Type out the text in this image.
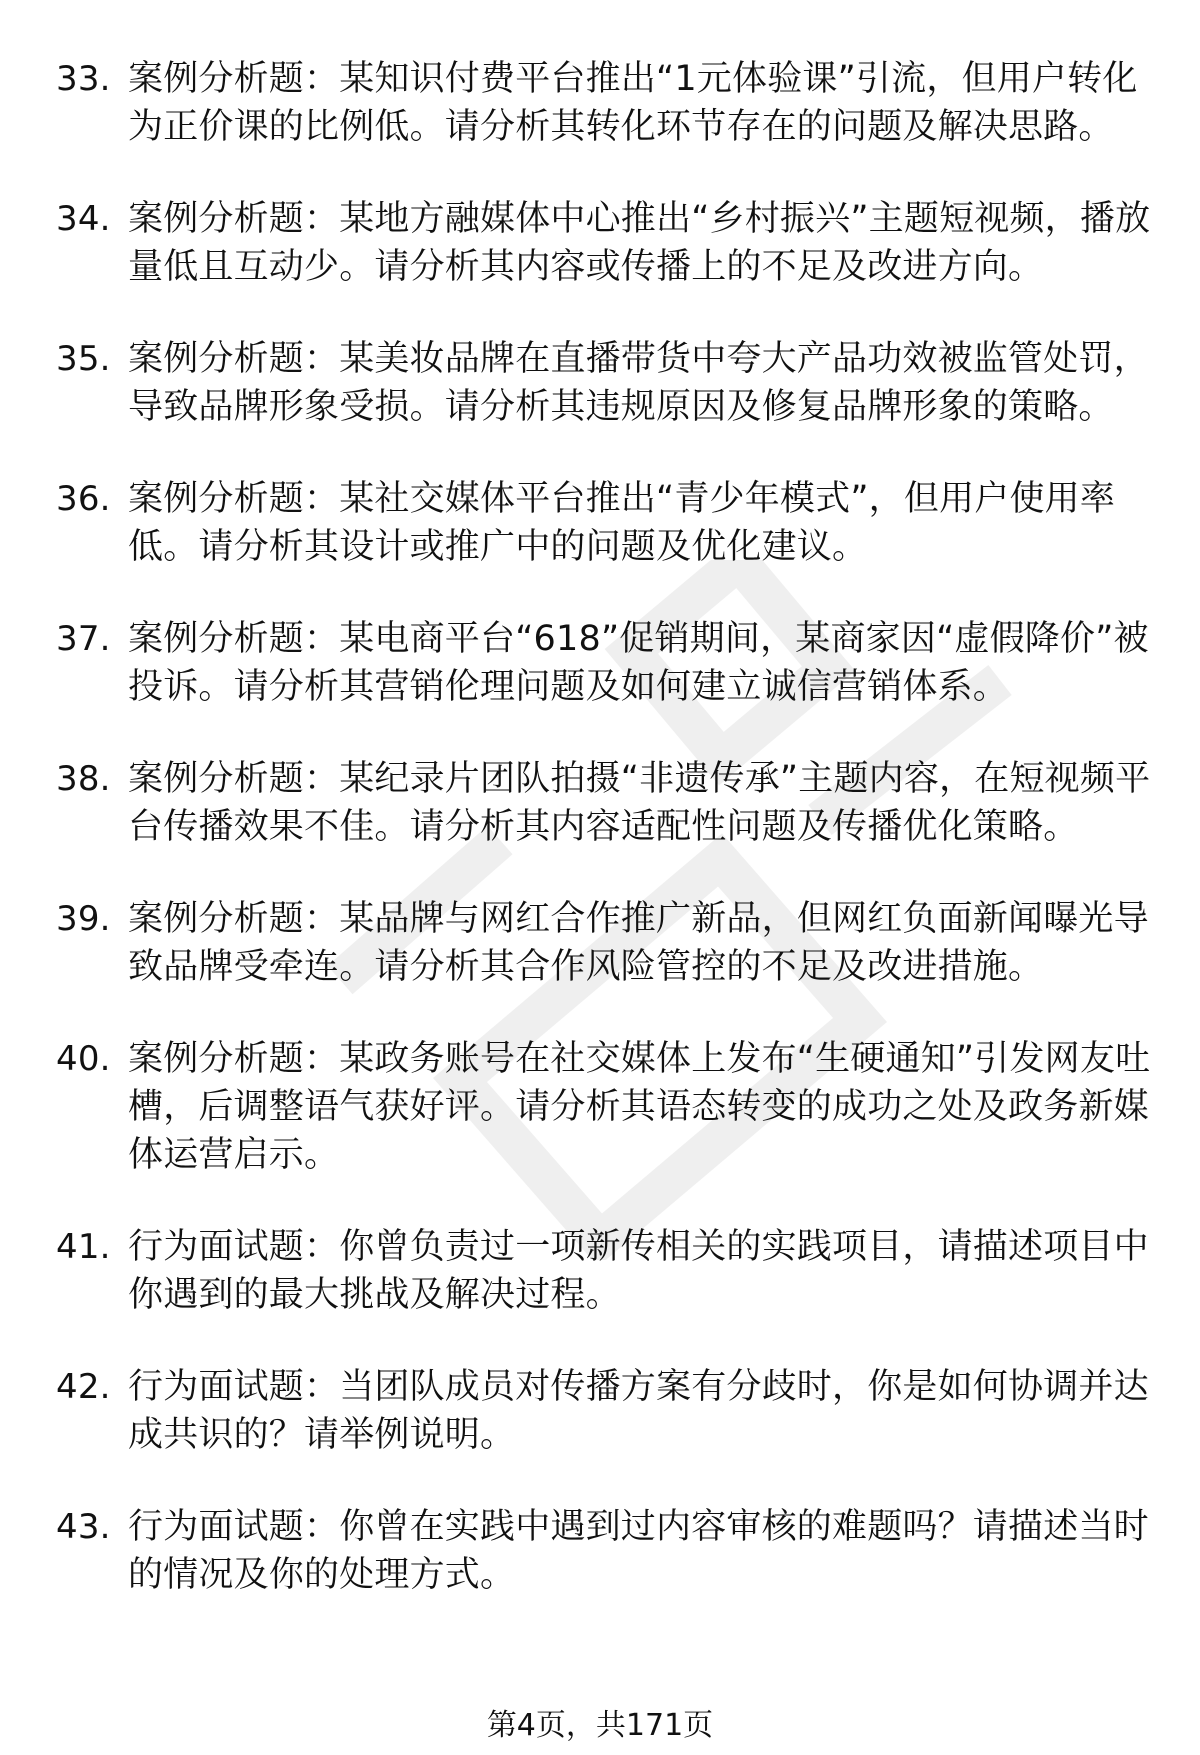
33. 案例分析题：某知识付费平台推出“1元体验课”引流，但用户转化为正价课的比例低。请分析其转化环节存在的问题及解决思路。
34. 案例分析题：某地方融媒体中心推出“乡村振兴”主题短视频，播放量低且互动少。请分析其内容或传播上的不足及改进方向。
35. 案例分析题：某美妆品牌在直播带货中夸大产品功效被监管处罚，导致品牌形象受损。请分析其违规原因及修复品牌形象的策略。
36. 案例分析题：某社交媒体平台推出“青少年模式”，但用户使用率低。请分析其设计或推广中的问题及优化建议。
37. 案例分析题：某电商平台“618”促销期间，某商家因“虚假降价”被投诉。请分析其营销伦理问题及如何建立诚信营销体系。
38. 案例分析题：某纪录片团队拍摄“非遗传承”主题内容，在短视频平台传播效果不佳。请分析其内容适配性问题及传播优化策略。
39. 案例分析题：某品牌与网红合作推广新品，但网红负面新闻曝光导致品牌受牵连。请分析其合作风险管控的不足及改进措施。
40. 案例分析题：某政务账号在社交媒体上发布“生硬通知”引发网友吐槽，后调整语气获好评。请分析其语态转变的成功之处及政务新媒体运营启示。
41. 行为面试题：你曾负责过一项新传相关的实践项目，请描述项目中你遇到的最大挑战及解决过程。
42. 行为面试题：当团队成员对传播方案有分歧时，你是如何协调并达成共识的？请举例说明。
43. 行为面试题：你曾在实践中遇到过内容审核的难题吗？请描述当时的情况及你的处理方式。
第4页，共171页
